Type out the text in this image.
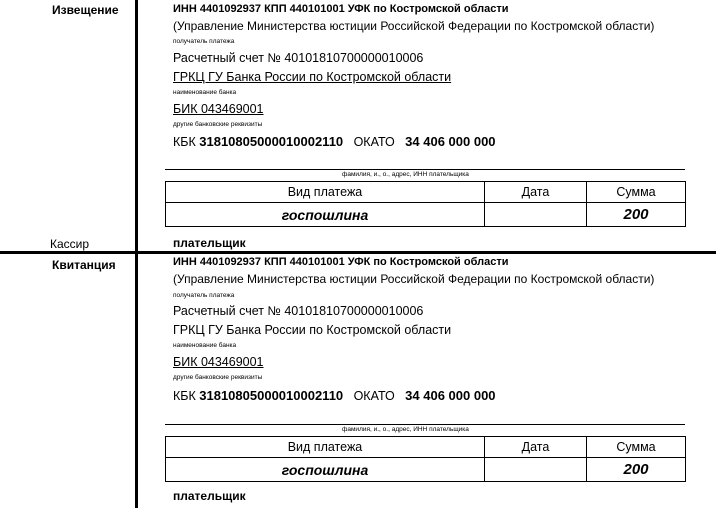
Извещение
Кассир
ИНН 4401092937 КПП 440101001 УФК по Костромской области
(Управление Министерства юстиции Российской Федерации по Костромской области)
получатель платежа
Расчетный счет № 40101810700000010006
ГРКЦ ГУ Банка России по Костромской области
наименование банка
БИК 043469001
другие банковские реквизиты
КБК 31810805000010002110 ОКАТО 34 406 000 000
фамилия, и., о., адрес, ИНН плательщика
Вид платежа	Дата	Сумма
госпошлина		200
плательщик
Квитанция	ИНН 4401092937 КПП 440101001 УФК по Костромской области
(Управление Министерства юстиции Российской Федерации по Костромской области)
получатель платежа
Расчетный счет № 40101810700000010006
ГРКЦ ГУ Банка России по Костромской области
наименование банка
БИК 043469001
другие банковские реквизиты
КБК 31810805000010002110 ОКАТО 34 406 000 000
фамилия, и., о., адрес, ИНН плательщика
Вид платежа	Дата	Сумма
госпошлина		200
плательщик
